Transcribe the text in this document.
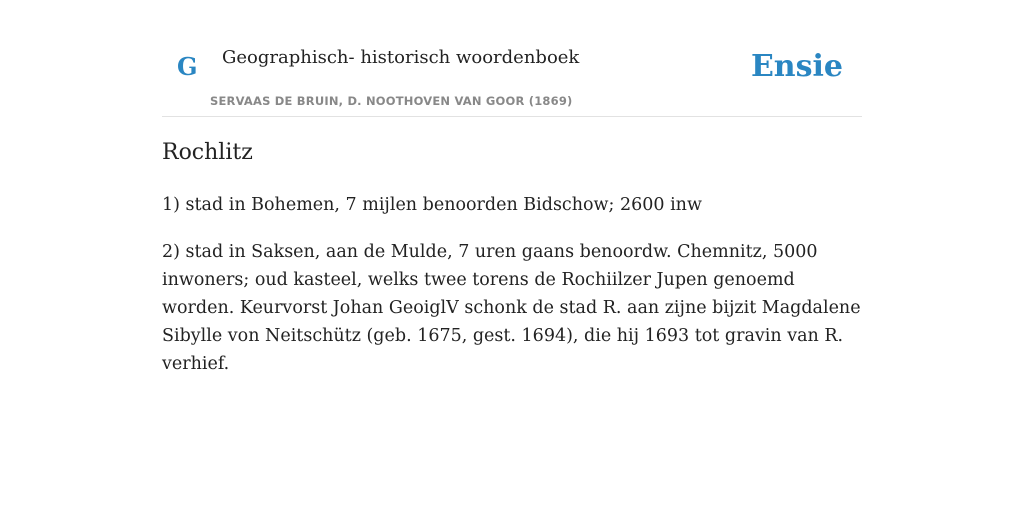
G Geographisch- historisch woordenboek
SERVAAS DE BRUIN, D. NOOTHOVEN VAN GOOR (1869)
Ensie
Rochlitz

1) stad in Bohemen, 7 mijlen benoorden Bidschow; 2600 inw

2) stad in Saksen, aan de Mulde, 7 uren gaans benoordw. Chemnitz, 5000 inwoners; oud kasteel, welks twee torens de Rochiilzer Jupen genoemd worden. Keurvorst Johan GeoiglV schonk de stad R. aan zijne bijzit Magdalene Sibylle von Neitschütz (geb. 1675, gest. 1694), die hij 1693 tot gravin van R. verhief.
